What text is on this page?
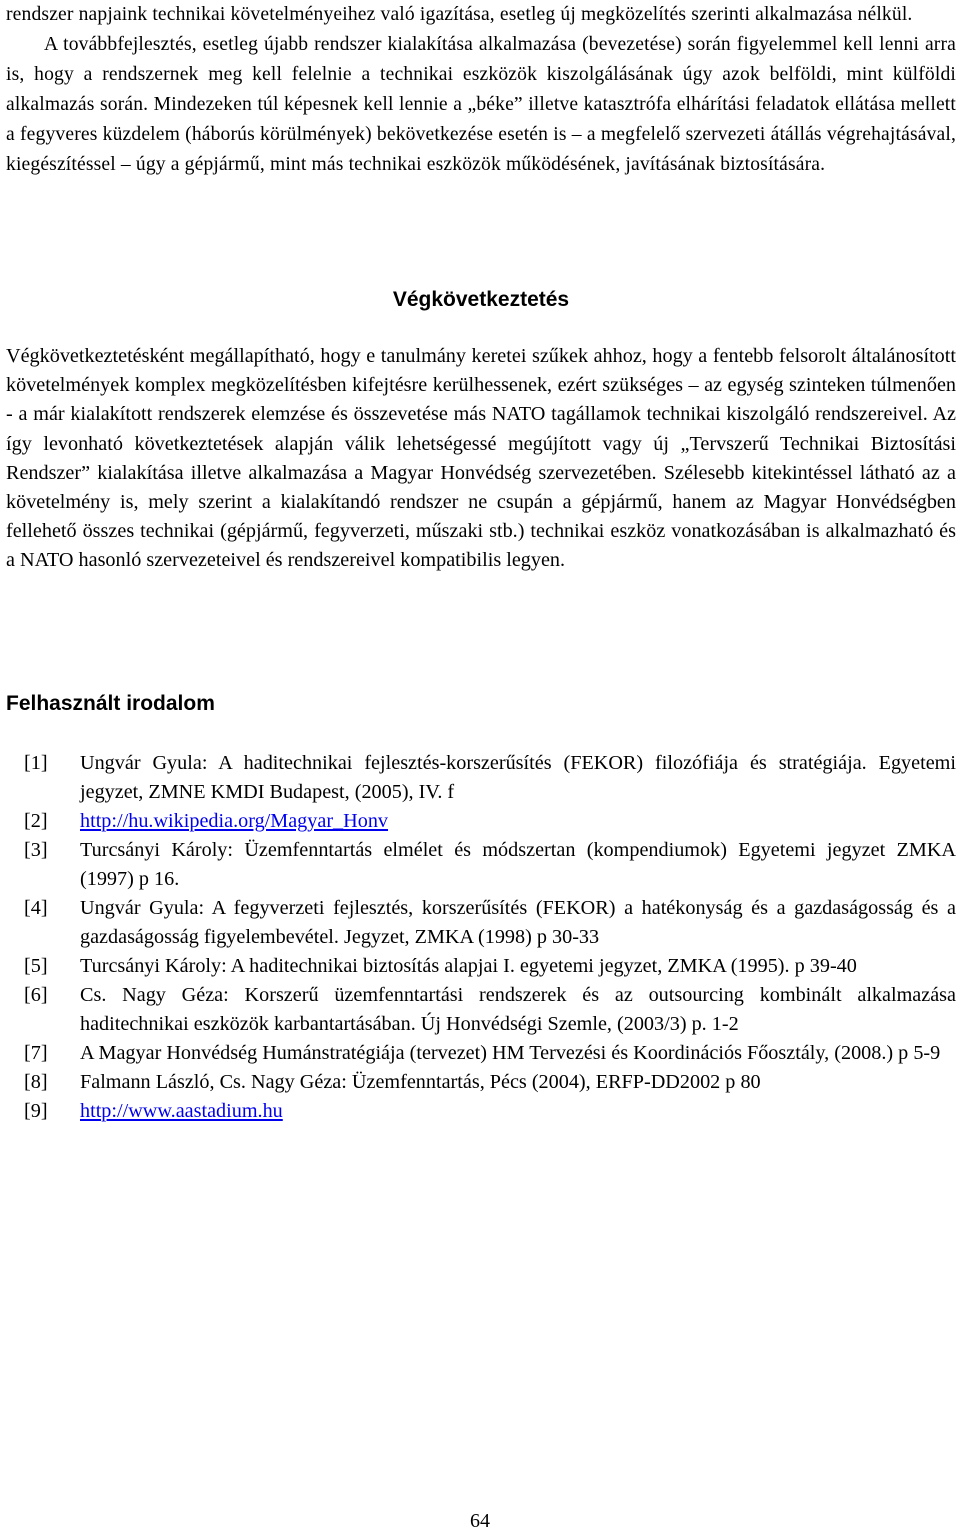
rendszer napjaink technikai követelményeihez való igazítása, esetleg új megközelítés szerinti alkalmazása nélkül.
A továbbfejlesztés, esetleg újabb rendszer kialakítása alkalmazása (bevezetése) során figyelemmel kell lenni arra is, hogy a rendszernek meg kell felelnie a technikai eszközök kiszolgálásának úgy azok belföldi, mint külföldi alkalmazás során. Mindezeken túl képesnek kell lennie a „béke” illetve katasztrófa elhárítási feladatok ellátása mellett a fegyveres küzdelem (háborús körülmények) bekövetkezése esetén is – a megfelelő szervezeti átállás végrehajtásával, kiegészítéssel – úgy a gépjármű, mint más technikai eszközök működésének, javításának biztosítására.

Végkövetkeztetés

Végkövetkeztetésként megállapítható, hogy e tanulmány keretei szűkek ahhoz, hogy a fentebb felsorolt általánosított követelmények komplex megközelítésben kifejtésre kerülhessenek, ezért szükséges – az egység szinteken túlmenően - a már kialakított rendszerek elemzése és összevetése más NATO tagállamok technikai kiszolgáló rendszereivel. Az így levonható következtetések alapján válik lehetségessé megújított vagy új „Tervszerű Technikai Biztosítási Rendszer” kialakítása illetve alkalmazása a Magyar Honvédség szervezetében. Szélesebb kitekintéssel látható az a követelmény is, mely szerint a kialakítandó rendszer ne csupán a gépjármű, hanem az Magyar Honvédségben fellehető összes technikai (gépjármű, fegyverzeti, műszaki stb.) technikai eszköz vonatkozásában is alkalmazható és a NATO hasonló szervezeteivel és rendszereivel kompatibilis legyen.

Felhasznált irodalom
[1]	Ungvár Gyula: A haditechnikai fejlesztés-korszerűsítés (FEKOR) filozófiája és stratégiája. Egyetemi jegyzet, ZMNE KMDI Budapest, (2005), IV. f
[2]	http://hu.wikipedia.org/Magyar_Honv
[3]	Turcsányi Károly: Üzemfenntartás elmélet és módszertan (kompendiumok) Egyetemi jegyzet ZMKA (1997) p 16.
[4]	Ungvár Gyula: A fegyverzeti fejlesztés, korszerűsítés (FEKOR) a hatékonyság és a gazdaságosság és a gazdaságosság figyelembevétel. Jegyzet, ZMKA (1998) p 30-33
[5]	Turcsányi Károly: A haditechnikai biztosítás alapjai I. egyetemi jegyzet, ZMKA (1995). p 39-40
[6]	Cs. Nagy Géza: Korszerű üzemfenntartási rendszerek és az outsourcing kombinált alkalmazása haditechnikai eszközök karbantartásában. Új Honvédségi Szemle, (2003/3) p. 1-2
[7]	A Magyar Honvédség Humánstratégiája (tervezet) HM Tervezési és Koordinációs Főosztály, (2008.) p 5-9
[8]	Falmann László, Cs. Nagy Géza: Üzemfenntartás, Pécs (2004), ERFP-DD2002 p 80
[9]	http://www.aastadium.hu
64
